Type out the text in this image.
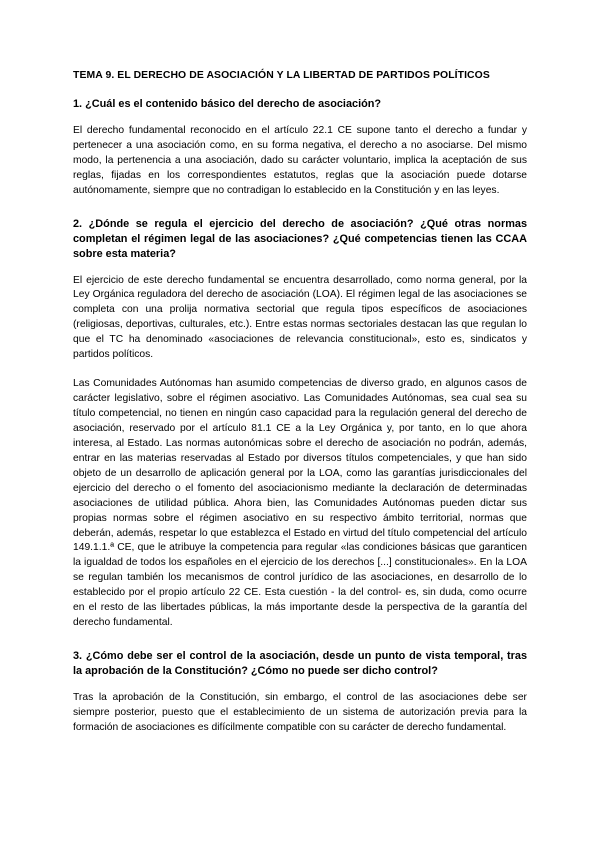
TEMA 9. EL DERECHO DE ASOCIACIÓN Y LA LIBERTAD DE PARTIDOS POLÍTICOS
1. ¿Cuál es el contenido básico del derecho de asociación?

El derecho fundamental reconocido en el artículo 22.1 CE supone tanto el derecho a fundar y pertenecer a una asociación como, en su forma negativa, el derecho a no asociarse. Del mismo modo, la pertenencia a una asociación, dado su carácter voluntario, implica la aceptación de sus reglas, fijadas en los correspondientes estatutos, reglas que la asociación puede dotarse autónomamente, siempre que no contradigan lo establecido en la Constitución y en las leyes.

2. ¿Dónde se regula el ejercicio del derecho de asociación? ¿Qué otras normas completan el régimen legal de las asociaciones? ¿Qué competencias tienen las CCAA sobre esta materia?

El ejercicio de este derecho fundamental se encuentra desarrollado, como norma general, por la Ley Orgánica reguladora del derecho de asociación (LOA). El régimen legal de las asociaciones se completa con una prolija normativa sectorial que regula tipos específicos de asociaciones (religiosas, deportivas, culturales, etc.). Entre estas normas sectoriales destacan las que regulan lo que el TC ha denominado «asociaciones de relevancia constitucional», esto es, sindicatos y partidos políticos.

Las Comunidades Autónomas han asumido competencias de diverso grado, en algunos casos de carácter legislativo, sobre el régimen asociativo. Las Comunidades Autónomas, sea cual sea su título competencial, no tienen en ningún caso capacidad para la regulación general del derecho de asociación, reservado por el artículo 81.1 CE a la Ley Orgánica y, por tanto, en lo que ahora interesa, al Estado. Las normas autonómicas sobre el derecho de asociación no podrán, además, entrar en las materias reservadas al Estado por diversos títulos competenciales, y que han sido objeto de un desarrollo de aplicación general por la LOA, como las garantías jurisdiccionales del ejercicio del derecho o el fomento del asociacionismo mediante la declaración de determinadas asociaciones de utilidad pública. Ahora bien, las Comunidades Autónomas pueden dictar sus propias normas sobre el régimen asociativo en su respectivo ámbito territorial, normas que deberán, además, respetar lo que establezca el Estado en virtud del título competencial del artículo 149.1.1.ª CE, que le atribuye la competencia para regular «las condiciones básicas que garanticen la igualdad de todos los españoles en el ejercicio de los derechos [...] constitucionales». En la LOA se regulan también los mecanismos de control jurídico de las asociaciones, en desarrollo de lo establecido por el propio artículo 22 CE. Esta cuestión - la del control- es, sin duda, como ocurre en el resto de las libertades públicas, la más importante desde la perspectiva de la garantía del derecho fundamental.

3. ¿Cómo debe ser el control de la asociación, desde un punto de vista temporal, tras la aprobación de la Constitución? ¿Cómo no puede ser dicho control?

Tras la aprobación de la Constitución, sin embargo, el control de las asociaciones debe ser siempre posterior, puesto que el establecimiento de un sistema de autorización previa para la formación de asociaciones es difícilmente compatible con su carácter de derecho fundamental.
